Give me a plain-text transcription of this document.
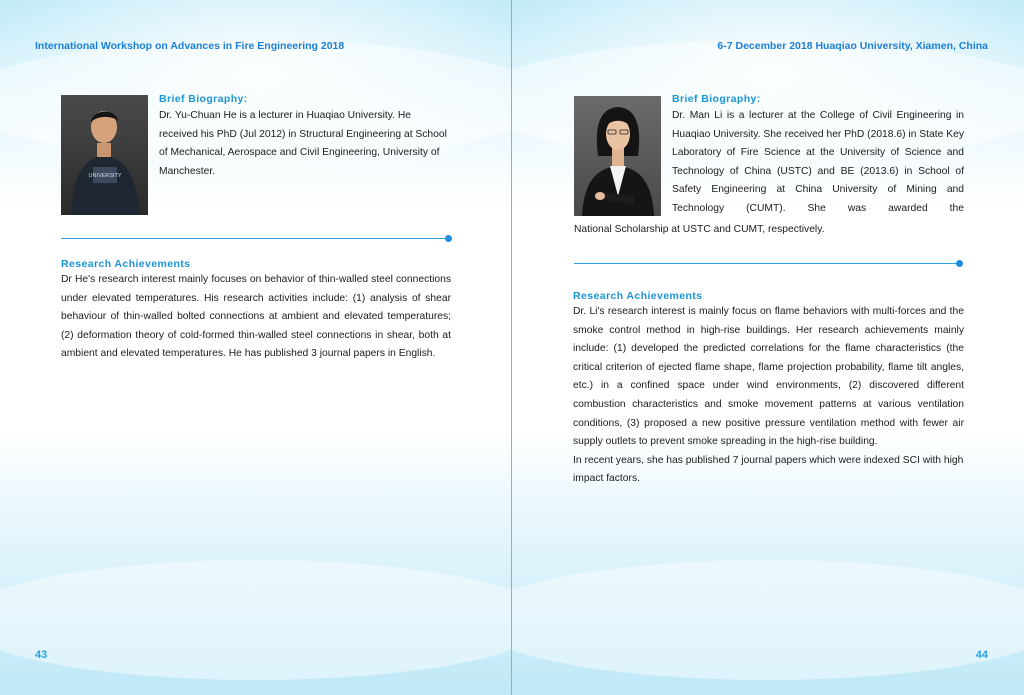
International Workshop on Advances in Fire Engineering 2018
UNIVERSITY
Brief Biography:
Dr. Yu-Chuan He is a lecturer in Huaqiao University. He received his PhD (Jul 2012) in Structural Engineering at School of Mechanical, Aerospace and Civil Engineering, University of Manchester.
Research Achievements
Dr He's research interest mainly focuses on behavior of thin-walled steel connections under elevated temperatures. His research activities include: (1) analysis of shear behaviour of thin-walled bolted connections at ambient and elevated temperatures; (2) deformation theory of cold-formed thin-walled steel connections in shear, both at ambient and elevated temperatures. He has published 3 journal papers in English.
43
6-7 December 2018 Huaqiao University, Xiamen, China
Brief Biography:
Dr. Man Li is a lecturer at the College of Civil Engineering in Huaqiao University. She received her PhD (2018.6) in State Key Laboratory of Fire Science at the University of Science and Technology of China (USTC) and BE (2013.6) in School of Safety Engineering at China University of Mining and Technology (CUMT). She was awarded the
National Scholarship at USTC and CUMT, respectively.
Research Achievements
Dr. Li's research interest is mainly focus on flame behaviors with multi-forces and the smoke control method in high-rise buildings. Her research achievements mainly include: (1) developed the predicted correlations for the flame characteristics (the critical criterion of ejected flame shape, flame projection probability, flame tilt angles, etc.) in a confined space under wind environments, (2) discovered different combustion characteristics and smoke movement patterns at various ventilation conditions, (3) proposed a new positive pressure ventilation method with fewer air supply outlets to prevent smoke spreading in the high-rise building.
In recent years, she has published 7 journal papers which were indexed SCI with high impact factors.
44
